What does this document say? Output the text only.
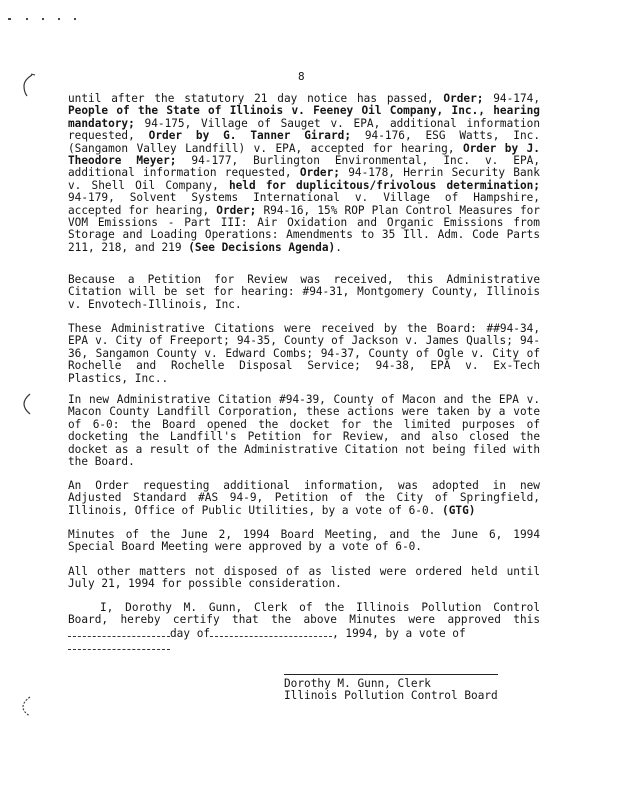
8
until after the statutory 21 day notice has passed, Order; 94-174, People of the State of Illinois v. Feeney Oil Company, Inc., hearing mandatory; 94-175, Village of Sauget v. EPA, additional information requested, Order by G. Tanner Girard; 94-176, ESG Watts, Inc. (Sangamon Valley Landfill) v. EPA, accepted for hearing, Order by J. Theodore Meyer; 94-177, Burlington Environmental, Inc. v. EPA, additional information requested, Order; 94-178, Herrin Security Bank v. Shell Oil Company, held for duplicitous/frivolous determination; 94-179, Solvent Systems International v. Village of Hampshire, accepted for hearing, Order; R94-16, 15% ROP Plan Control Measures for VOM Emissions - Part III: Air Oxidation and Organic Emissions from Storage and Loading Operations: Amendments to 35 Ill. Adm. Code Parts 211, 218, and 219 (See Decisions Agenda).
Because a Petition for Review was received, this Administrative Citation will be set for hearing: #94-31, Montgomery County, Illinois v. Envotech-Illinois, Inc.
These Administrative Citations were received by the Board: ##94-34, EPA v. City of Freeport; 94-35, County of Jackson v. James Qualls; 94-36, Sangamon County v. Edward Combs; 94-37, County of Ogle v. City of Rochelle and Rochelle Disposal Service; 94-38, EPA v. Ex-Tech Plastics, Inc..
In new Administrative Citation #94-39, County of Macon and the EPA v. Macon County Landfill Corporation, these actions were taken by a vote of 6-0: the Board opened the docket for the limited purposes of docketing the Landfill's Petition for Review, and also closed the docket as a result of the Administrative Citation not being filed with the Board.
An Order requesting additional information, was adopted in new Adjusted Standard #AS 94-9, Petition of the City of Springfield, Illinois, Office of Public Utilities, by a vote of 6-0. (GTG)
Minutes of the June 2, 1994 Board Meeting, and the June 6, 1994 Special Board Meeting were approved by a vote of 6-0.
All other matters not disposed of as listed were ordered held until July 21, 1994 for possible consideration.
I, Dorothy M. Gunn, Clerk of the Illinois Pollution Control Board, hereby certify that the above Minutes were approved this day of	, 1994, by a vote of

Dorothy M. Gunn, Clerk
Illinois Pollution Control Board
